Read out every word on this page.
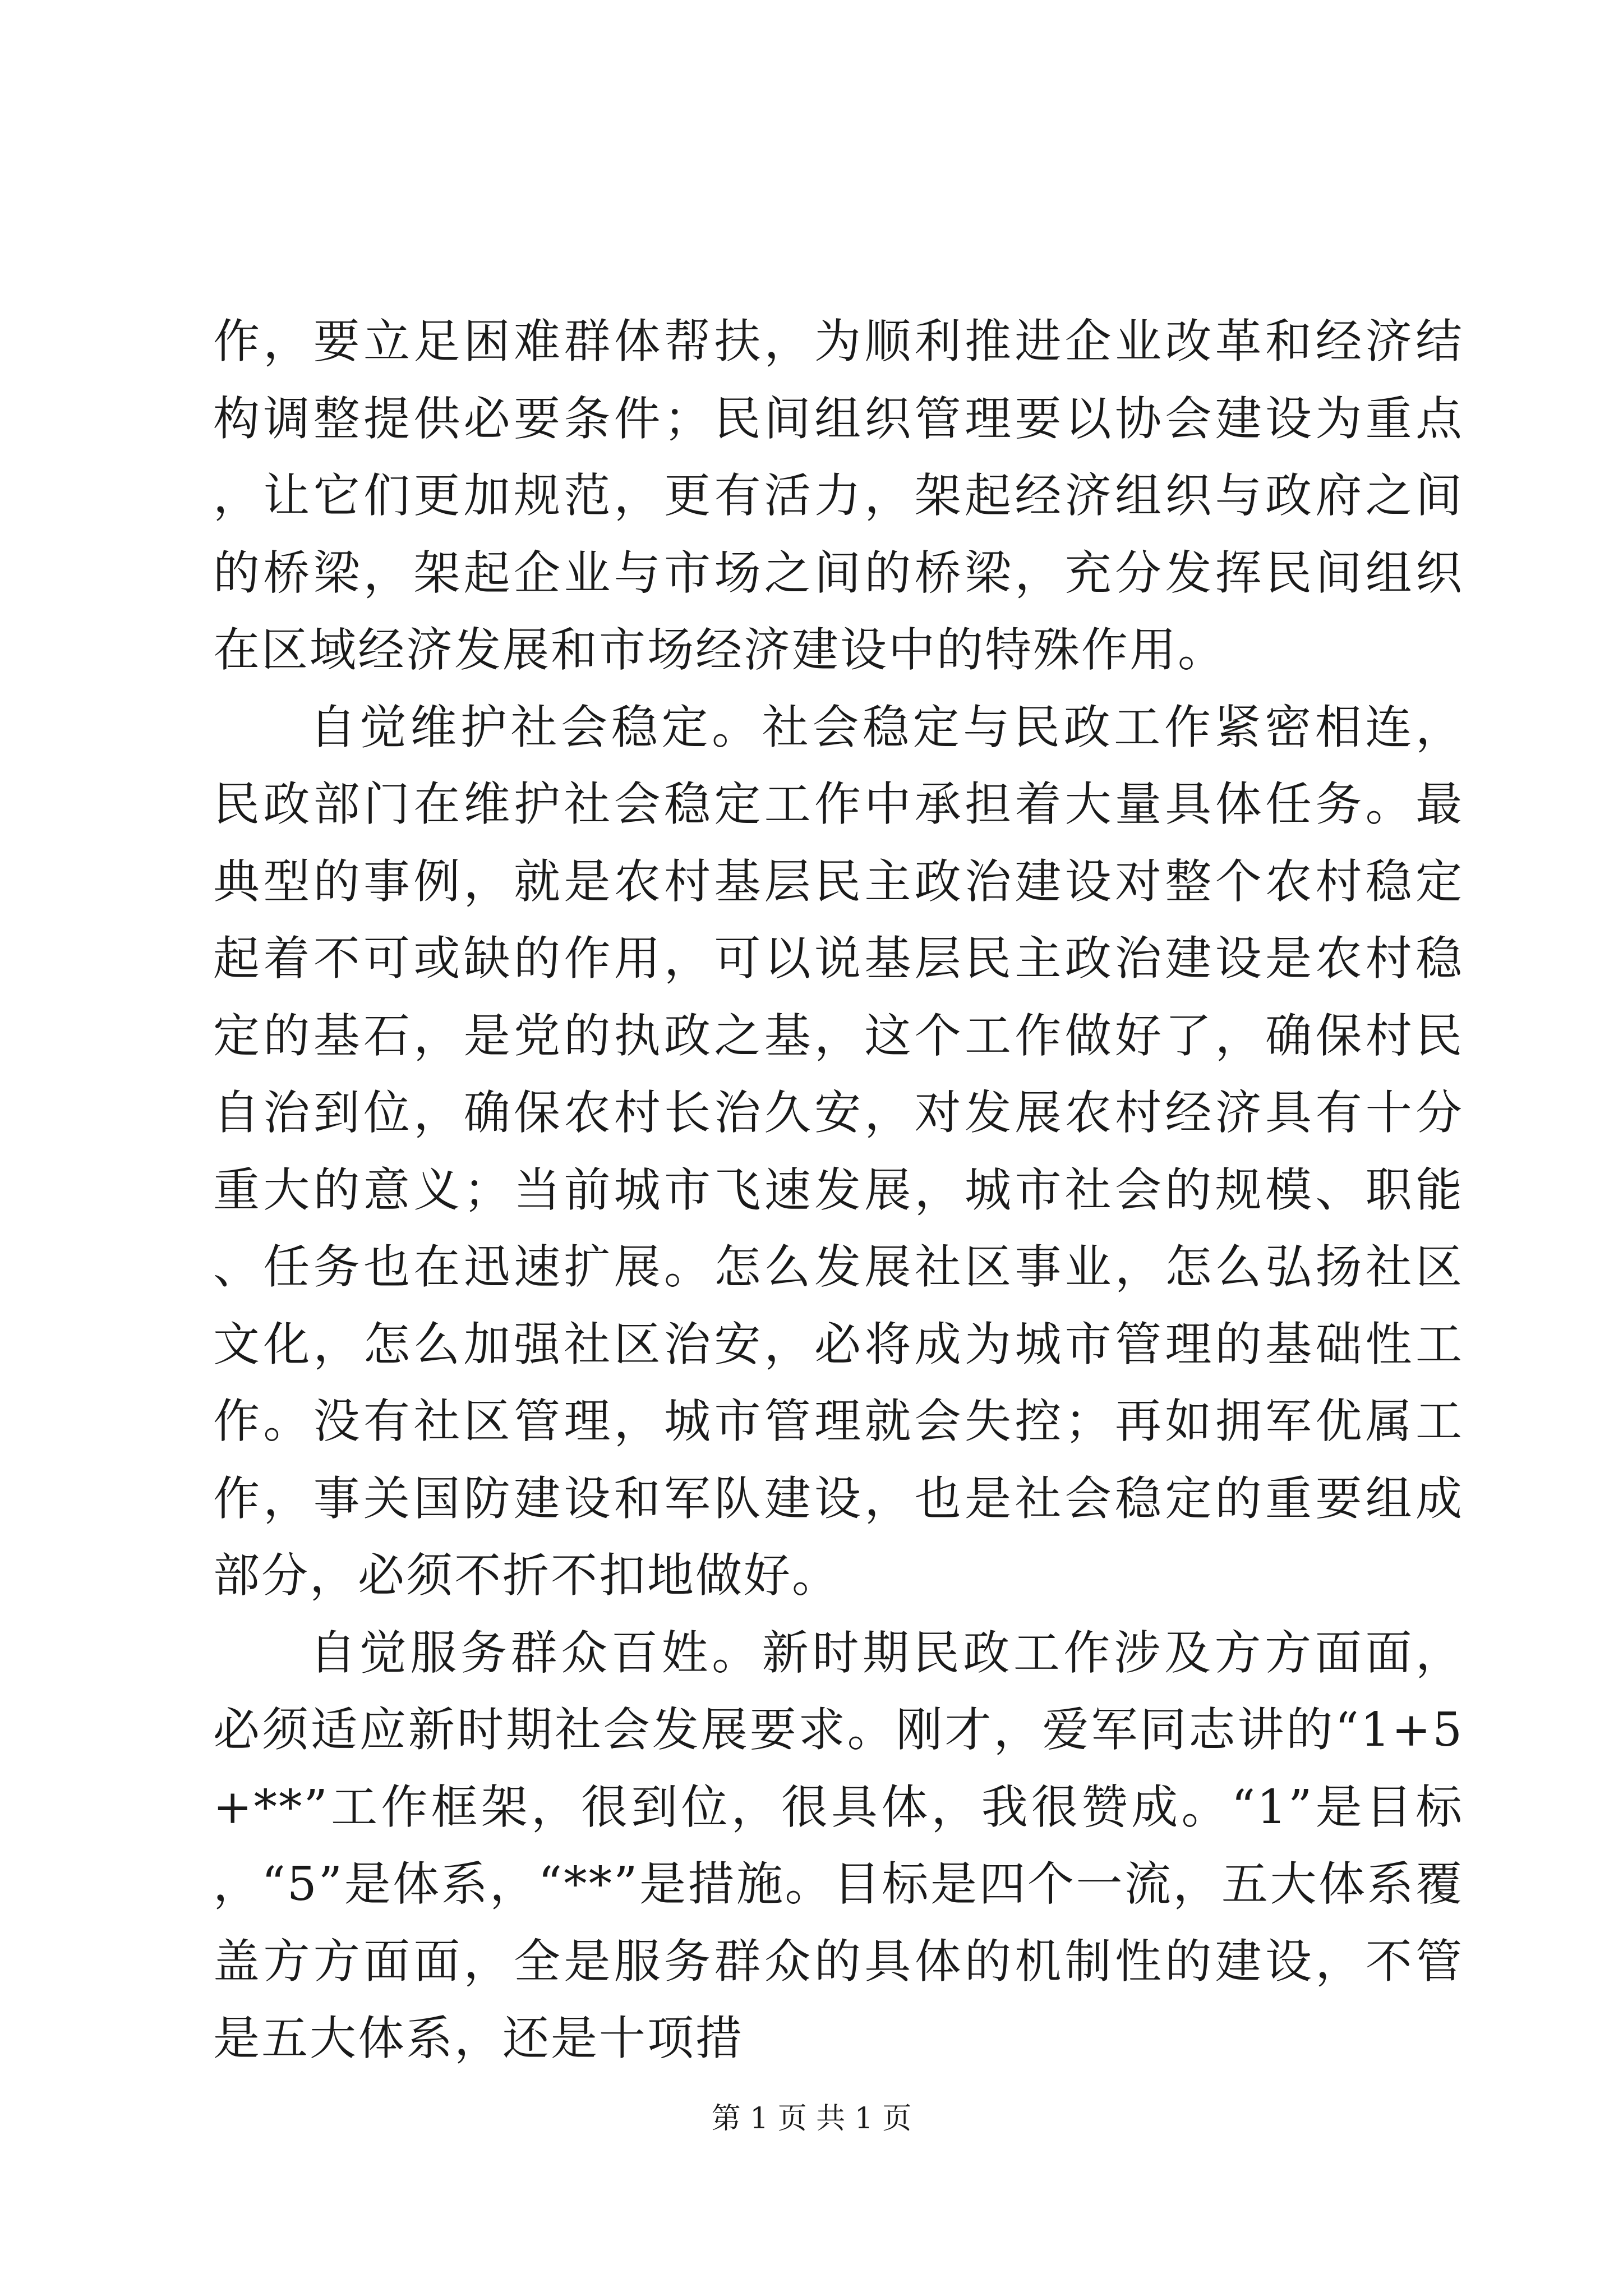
作，要立足困难群体帮扶，为顺利推进企业改革和经济结构调整提供必要条件；民间组织管理要以协会建设为重点，让它们更加规范，更有活力，架起经济组织与政府之间的桥梁，架起企业与市场之间的桥梁，充分发挥民间组织在区域经济发展和市场经济建设中的特殊作用。

自觉维护社会稳定。社会稳定与民政工作紧密相连，民政部门在维护社会稳定工作中承担着大量具体任务。最典型的事例，就是农村基层民主政治建设对整个农村稳定起着不可或缺的作用，可以说基层民主政治建设是农村稳定的基石，是党的执政之基，这个工作做好了，确保村民自治到位，确保农村长治久安，对发展农村经济具有十分重大的意义；当前城市飞速发展，城市社会的规模、职能、任务也在迅速扩展。怎么发展社区事业，怎么弘扬社区文化，怎么加强社区治安，必将成为城市管理的基础性工作。没有社区管理，城市管理就会失控；再如拥军优属工作，事关国防建设和军队建设，也是社会稳定的重要组成部分，必须不折不扣地做好。

自觉服务群众百姓。新时期民政工作涉及方方面面，必须适应新时期社会发展要求。刚才，爱军同志讲的“1+5+**”工作框架，很到位，很具体，我很赞成。“1”是目标，“5”是体系，“**”是措施。目标是四个一流，五大体系覆盖方方面面，全是服务群众的具体的机制性的建设，不管是五大体系，还是十项措

第 1 页 共 1 页
